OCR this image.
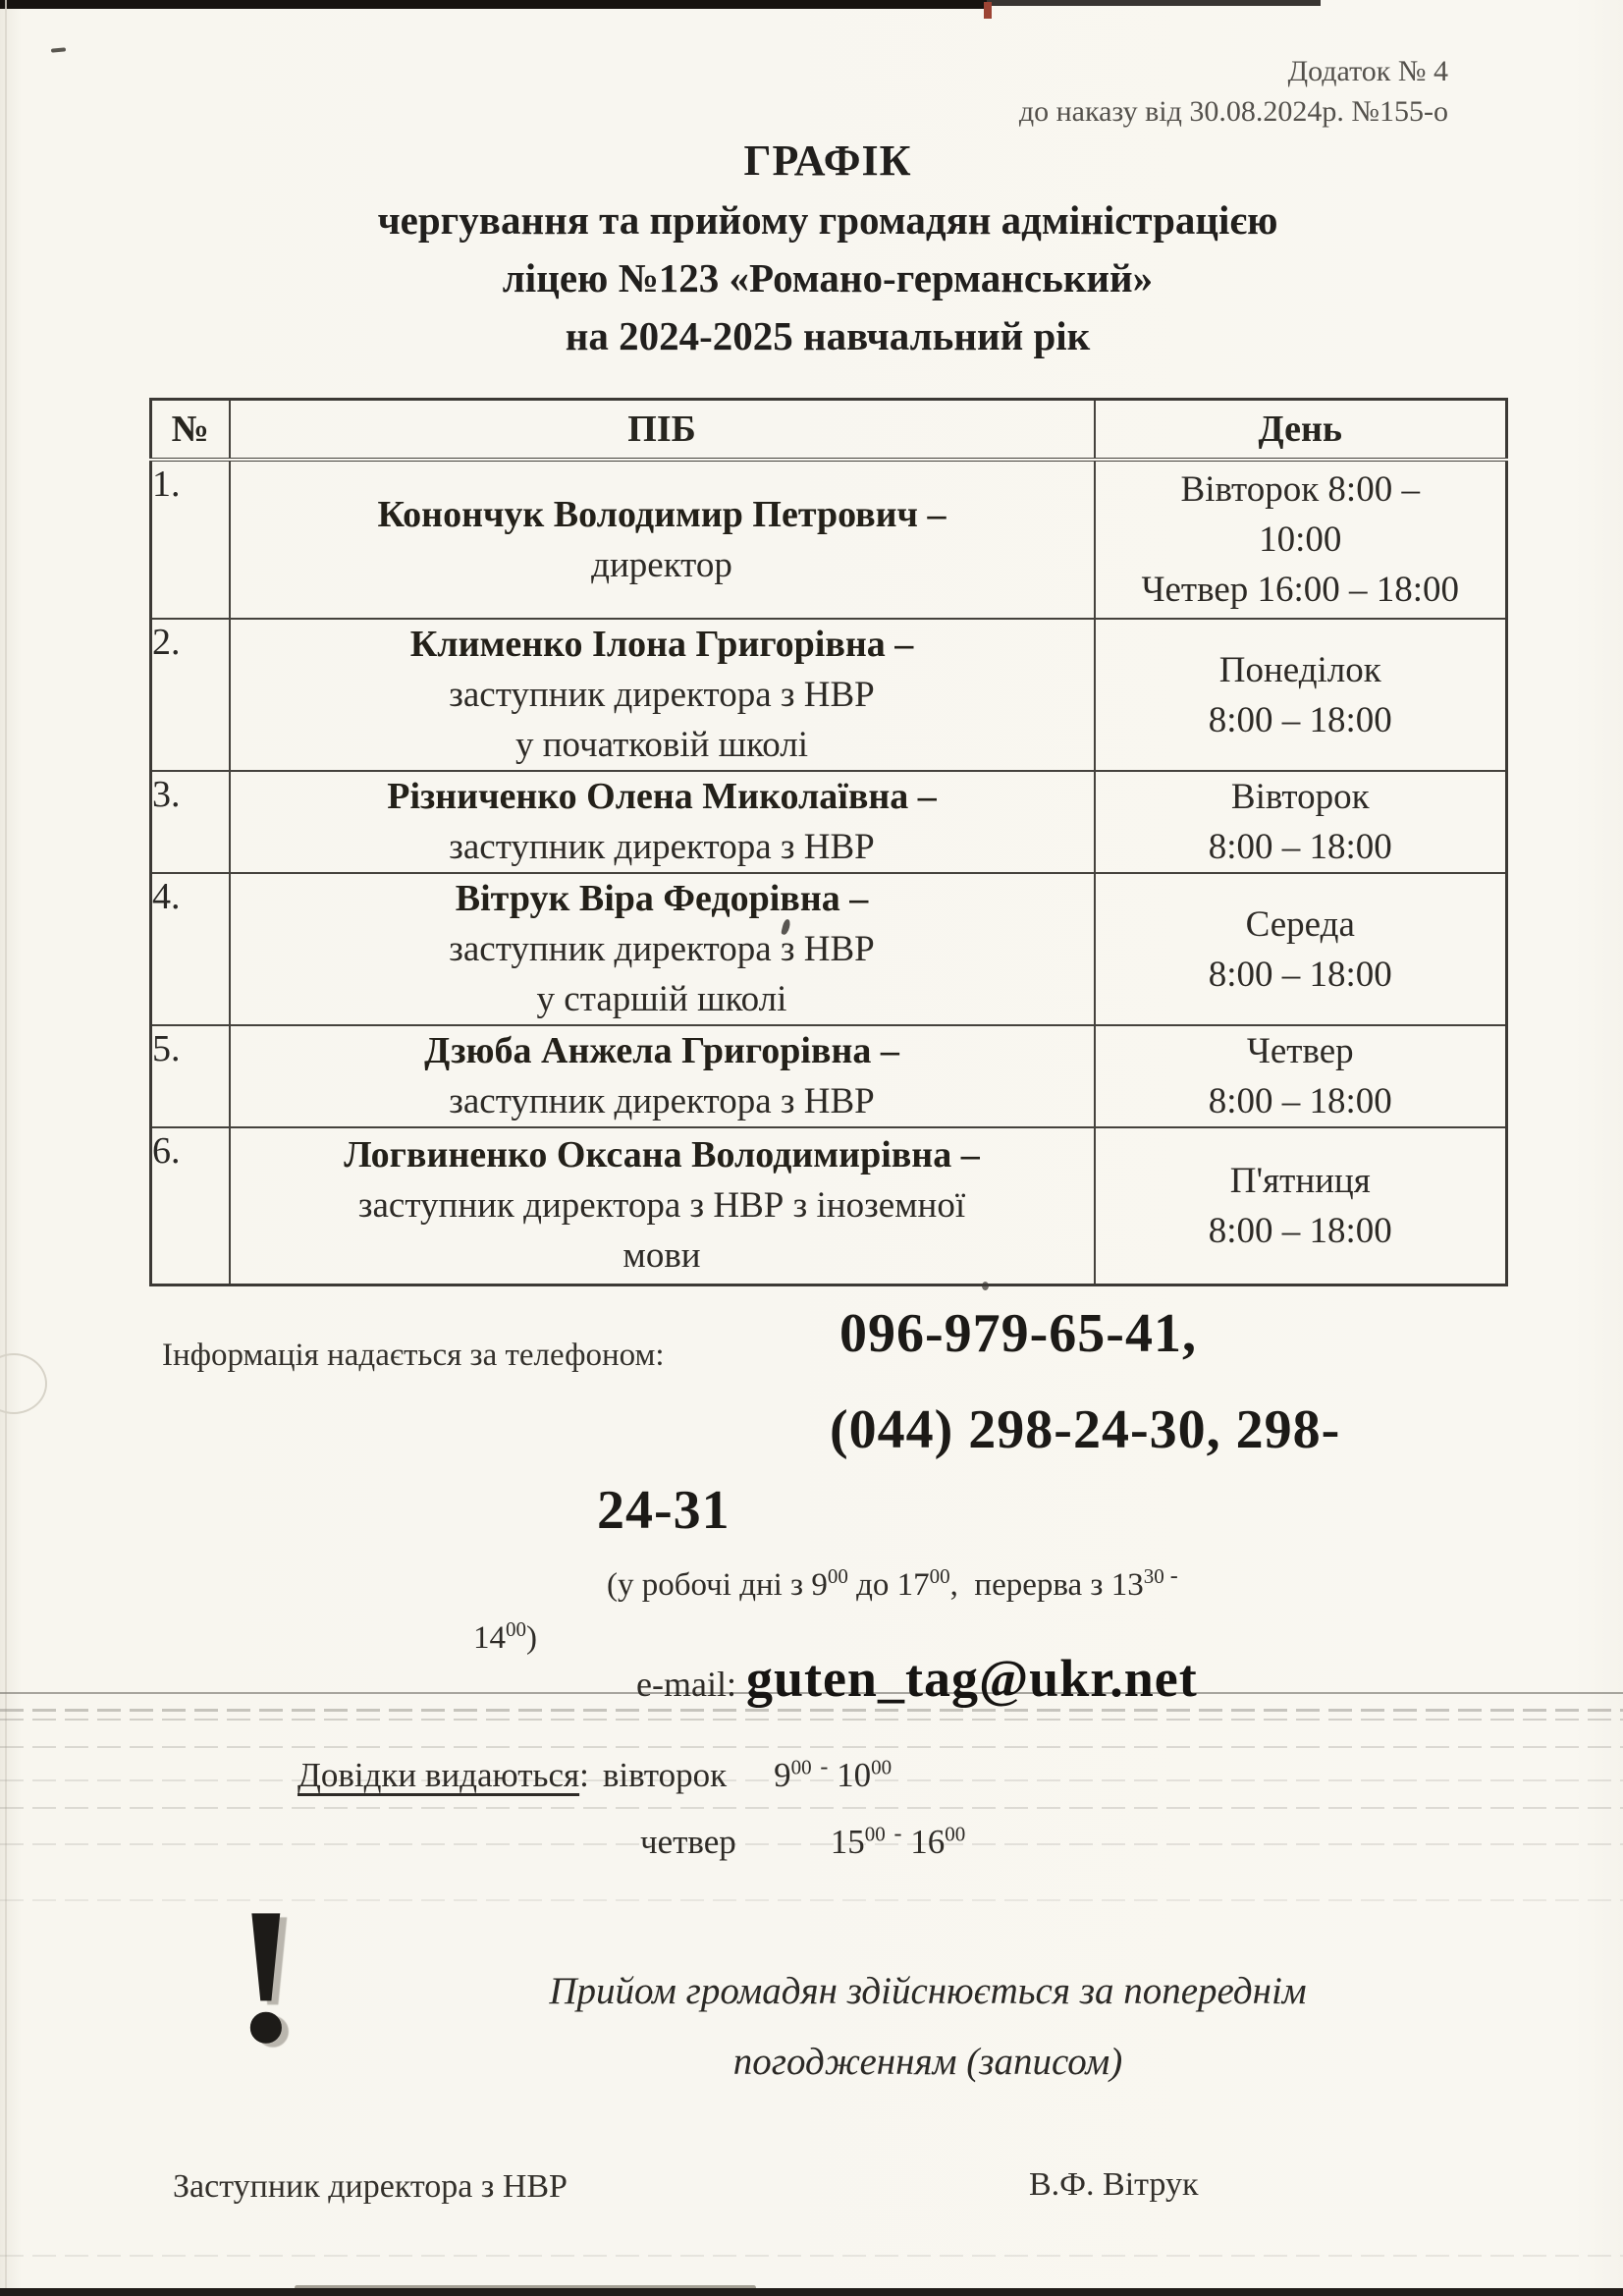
Додаток № 4
до наказу від 30.08.2024р. №155-о
ГРАФІК
чергування та прийому громадян адміністрацією
ліцею №123 «Романо-германський»
на 2024-2025 навчальний рік
№	ПІБ	День
1.	
Конончук Володимир Петрович –
директор

Вівторок 8:00 –
10:00
Четвер 16:00 – 18:00

2.	Клименко Ілона Григорівна –
заступник директора з НВР
у початковій школі

Понеділок
8:00 – 18:00

3.	Різниченко Олена Миколаївна –
заступник директора з НВР

Вівторок
8:00 – 18:00

4.	Вітрук Віра Федорівна –
заступник директора з НВР
у старшій школі

Середа
8:00 – 18:00

5.	Дзюба Анжела Григорівна –
заступник директора з НВР

Четвер
8:00 – 18:00

6.	Логвиненко Оксана Володимирівна –
заступник директора з НВР з іноземної
мови

П'ятниця
8:00 – 18:00
Інформація надається за телефоном:	096-979-65-41,
(044) 298-24-30, 298-
24-31
(у робочі дні з $9^{00}$ до $17^{00}$,  перерва з $13^{30}$ -
$14^{00}$)
e-mail: guten_tag@ukr.net
Довідки видаються: вівторок $9^{00}$ - $10^{00}$
четвер	$15^{00}$ - $16^{00}$
!	Прийом громадян здійснюється за попереднім
погодженням (записом)
Заступник директора з НВР	В.Ф. Вітрук
